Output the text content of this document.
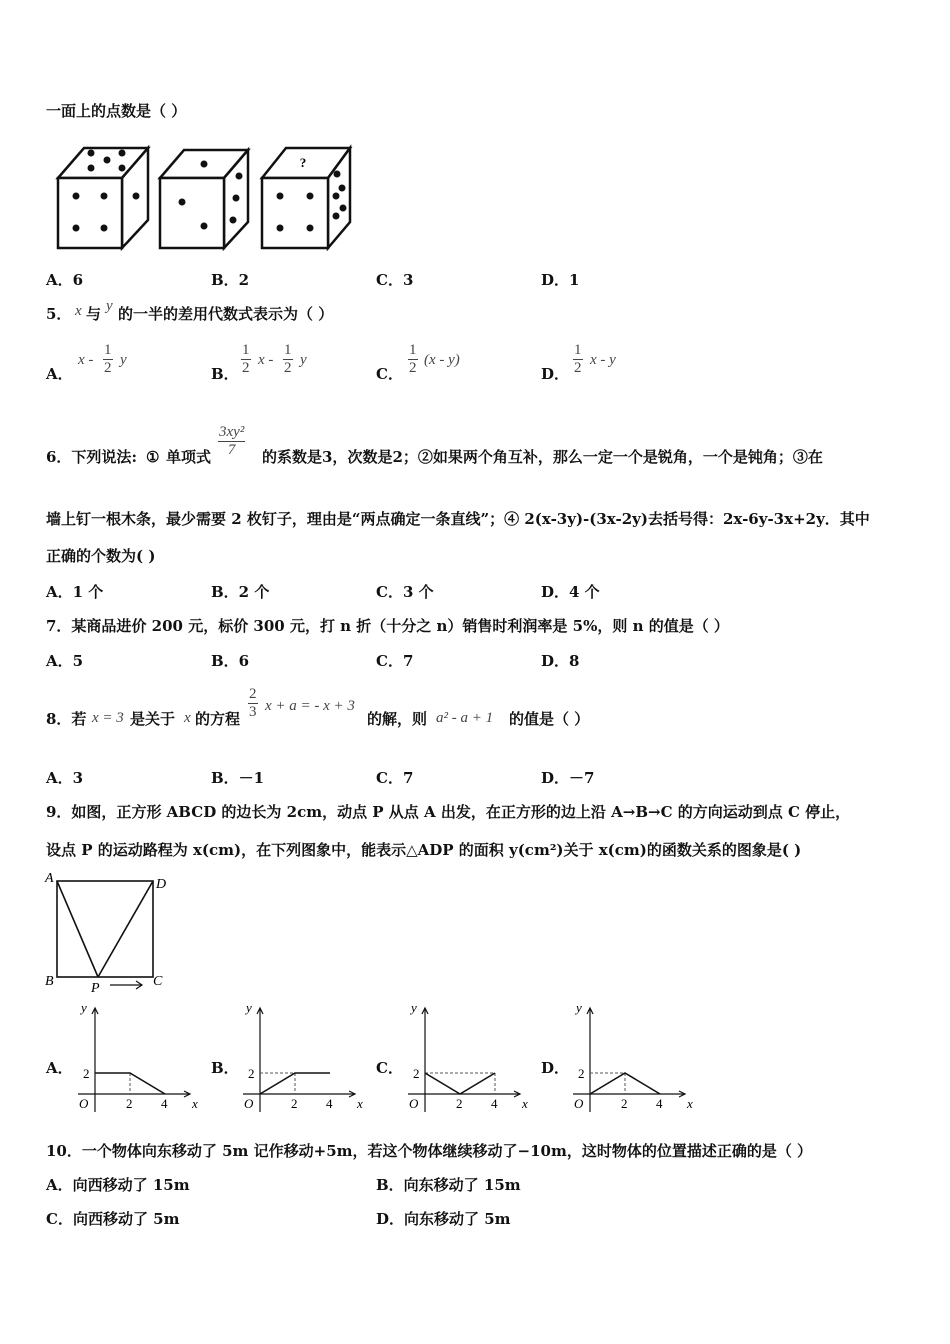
一面上的点数是（ ）
?
A．6	B．2	C．3	D．1
5． x 与 y 的一半的差用代数式表示为（ ）
A．
x - $\frac{1}{2}$ y
B． $\frac{1}{2}$ x - $\frac{1}{2}$ y
C． $\frac{1}{2} (x - y)$
D． $\frac{1}{2}$ x - y
6．下列说法: ① 单项式 $\frac{\text{3xy²}}{7}$ 的系数是3，次数是2；②如果两个角互补，那么一定一个是锐角，一个是钝角；③在
墙上钉一根木条，最少需要 2 枚钉子，理由是“两点确定一条直线”；④ 2(x-3y)-(3x-2y)去括号得：2x-6y-3x+2y．其中
正确的个数为( )
A．1 个	B．2 个	C．3 个	D．4 个
7．某商品进价 200 元，标价 300 元，打 n 折（十分之 n）销售时利润率是 5%，则 n 的值是（ ）
A．5	B．6	C．7	D．8
8．若 x = 3 是关于 x 的方程 $\frac{2}{3}$ x + a = - x + 3
的解，则 a² - a + 1 的值是（ ）
A．3	B．－1	C．7	D．－7
9．如图，正方形 ABCD 的边长为 2cm，动点 P 从点 A 出发，在正方形的边上沿 A→B→C 的方向运动到点 C 停止，
设点 P 的运动路程为 x(cm)，在下列图象中，能表示△ADP 的面积 y(cm²)关于 x(cm)的函数关系的图象是( )
A	D
B	C
P
A．	B．	C．	D．
y
x
O	2 4
2
y
x
O	2 4
2
y
x
O	2 4
2
y
x
O	2 4
2
10．一个物体向东移动了 5m 记作移动+5m，若这个物体继续移动了−10m，这时物体的位置描述正确的是（ ）
A．向西移动了 15m	B．向东移动了 15m
C．向西移动了 5m	D．向东移动了 5m
